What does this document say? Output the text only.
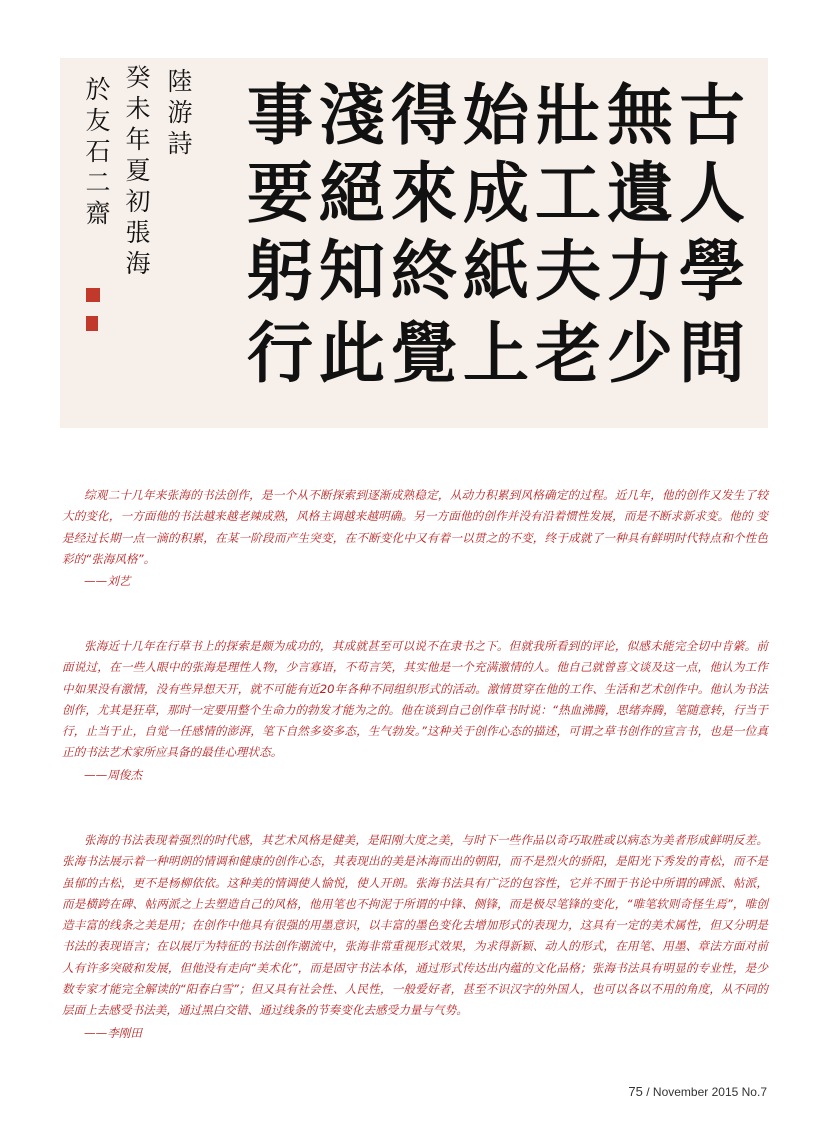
古
人
學
問
無
遺
力
少
壯
工
夫
老
始
成
紙
上
得
來
終
覺
淺
絕
知
此
事
要
躬
行
陸
游
詩
癸
未
年
夏
初
張
海
於
友
石
二
齋

综观二十几年来张海的书法创作，是一个从不断探索到逐渐成熟稳定，从动力积累到风格确定的过程。近几年，他的创作又发生了较大的变化，一方面他的书法越来越老辣成熟，风格主调越来越明确。另一方面他的创作并没有沿着惯性发展，而是不断求新求变。他的 变是经过长期一点一滴的积累，在某一阶段而产生突变，在不断变化中又有着一以贯之的不变，终于成就了一种具有鲜明时代特点和个性色彩的“张海风格”。

——刘艺

张海近十几年在行草书上的探索是颇为成功的，其成就甚至可以说不在隶书之下。但就我所看到的评论，似感未能完全切中肯綮。前面说过，在一些人眼中的张海是理性人物，少言寡语，不苟言笑，其实他是一个充满激情的人。他自己就曾喜文谈及这一点，他认为工作中如果没有激情，没有些异想天开，就不可能有近20年各种不同组织形式的活动。激情贯穿在他的工作、生活和艺术创作中。他认为书法创作，尤其是狂草，那时一定要用整个生命力的勃发才能为之的。他在谈到自己创作草书时说：“热血沸腾，思绪奔腾，笔随意转，行当于行，止当于止，自觉一任感情的澎湃，笔下自然多姿多态，生气勃发。”这种关于创作心态的描述，可谓之草书创作的宣言书，也是一位真正的书法艺术家所应具备的最佳心理状态。

——周俊杰

张海的书法表现着强烈的时代感，其艺术风格是健美，是阳刚大度之美，与时下一些作品以奇巧取胜或以病态为美者形成鲜明反差。张海书法展示着一种明朗的情调和健康的创作心态，其表现出的美是沐海而出的朝阳，而不是烈火的骄阳，是阳光下秀发的青松，而不是虽郁的古松，更不是杨柳依依。这种美的情调使人愉悦，使人开朗。张海书法具有广泛的包容性，它并不囿于书论中所谓的碑派、帖派，而是横跨在碑、帖两派之上去塑造自己的风格，他用笔也不拘泥于所谓的中锋、侧锋，而是极尽笔锋的变化，“唯笔软则奇怪生焉”，唯创造丰富的线条之美是用；在创作中他具有很强的用墨意识，以丰富的墨色变化去增加形式的表现力，这具有一定的美术属性，但又分明是书法的表现语言；在以展厅为特征的书法创作潮流中，张海非常重视形式效果，为求得新颖、动人的形式，在用笔、用墨、章法方面对前人有许多突破和发展，但他没有走向“美术化”，而是固守书法本体，通过形式传达出内蕴的文化品格；张海书法具有明显的专业性，是少数专家才能完全解读的“阳春白雪”；但又具有社会性、人民性，一般爱好者，甚至不识汉字的外国人，也可以各以不用的角度，从不同的层面上去感受书法美，通过黑白交错、通过线条的节奏变化去感受力量与气势。

——李刚田
75 / November 2015 No.7
